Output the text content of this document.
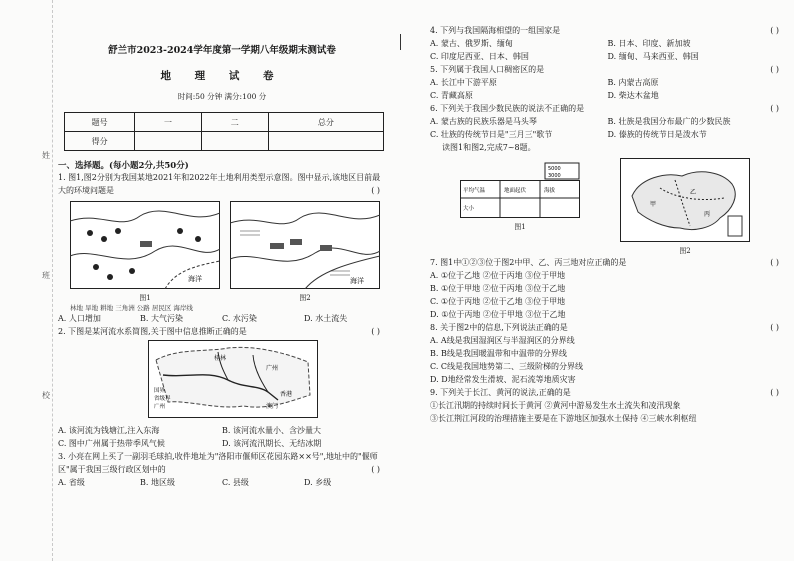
姓
班
校
舒兰市2023-2024学年度第一学期八年级期末测试卷
地 理 试 卷
时间:50 分钟 满分:100 分
题号	一	二	总分
得分			
一、选择题。(每小题2分,共50分)
1. 图1,图2分别为我国某地2021年和2022年土地利用类型示意图。图中显示,该地区目前最大的环境问题是	( )
海洋
图1
海洋
图2
林地 旱地 耕地 三角洲 公路 居民区 海岸线
A. 人口增加	B. 大气污染	C. 水污染	D. 水土流失
2. 下图是某河流水系简图,关于图中信息推断正确的是	( )
桂林
广州
香港
澳门
国界
省级界
广州
A. 该河流为钱塘江,注入东海	B. 该河流水量小、含沙量大
C. 图中广州属于热带季风气候	D. 该河流汛期长、无结冰期
3. 小亮在网上买了一副羽毛球拍,收件地址为"洛阳市偃师区花园东路××号",地址中的"偃师区"属于我国三级行政区划中的	( )
A. 省级	B. 地区级	C. 县级	D. 乡级
4. 下列与我国隔海相望的一组国家是	( )
A. 蒙古、俄罗斯、缅甸	B. 日本、印度、新加坡
C. 印度尼西亚、日本、韩国	D. 缅甸、马来西亚、韩国
5. 下列属于我国人口稠密区的是	( )
A. 长江中下游平原	B. 内蒙古高原
C. 青藏高原	D. 柴达木盆地
6. 下列关于我国少数民族的说法不正确的是	( )
A. 蒙古族的民族乐器是马头琴	B. 壮族是我国分布最广的少数民族
C. 壮族的传统节日是"三月三"歌节	D. 傣族的传统节日是泼水节
读图1和图2,完成7~8题。
5000
3000
平均气温	地面起伏	海拔
大小
图1
甲
乙
丙
图2
7. 图1中①②③位于图2中甲、乙、丙三地对应正确的是	( )
A. ①位于乙地 ②位于丙地 ③位于甲地
B. ①位于甲地 ②位于丙地 ③位于乙地
C. ①位于丙地 ②位于乙地 ③位于甲地
D. ①位于丙地 ②位于甲地 ③位于乙地
8. 关于图2中的信息,下列说法正确的是	( )
A. A线是我国湿润区与半湿润区的分界线
B. B线是我国暖温带和中温带的分界线
C. C线是我国地势第二、三级阶梯的分界线
D. D地经常发生滑坡、泥石流等地质灾害
9. 下列关于长江、黄河的说法,正确的是	( )
①长江汛期的持续时间长于黄河 ②黄河中游易发生水土流失和凌汛现象
③长江荆江河段的治理措施主要是在下游地区加强水土保持 ④三峡水利枢纽
